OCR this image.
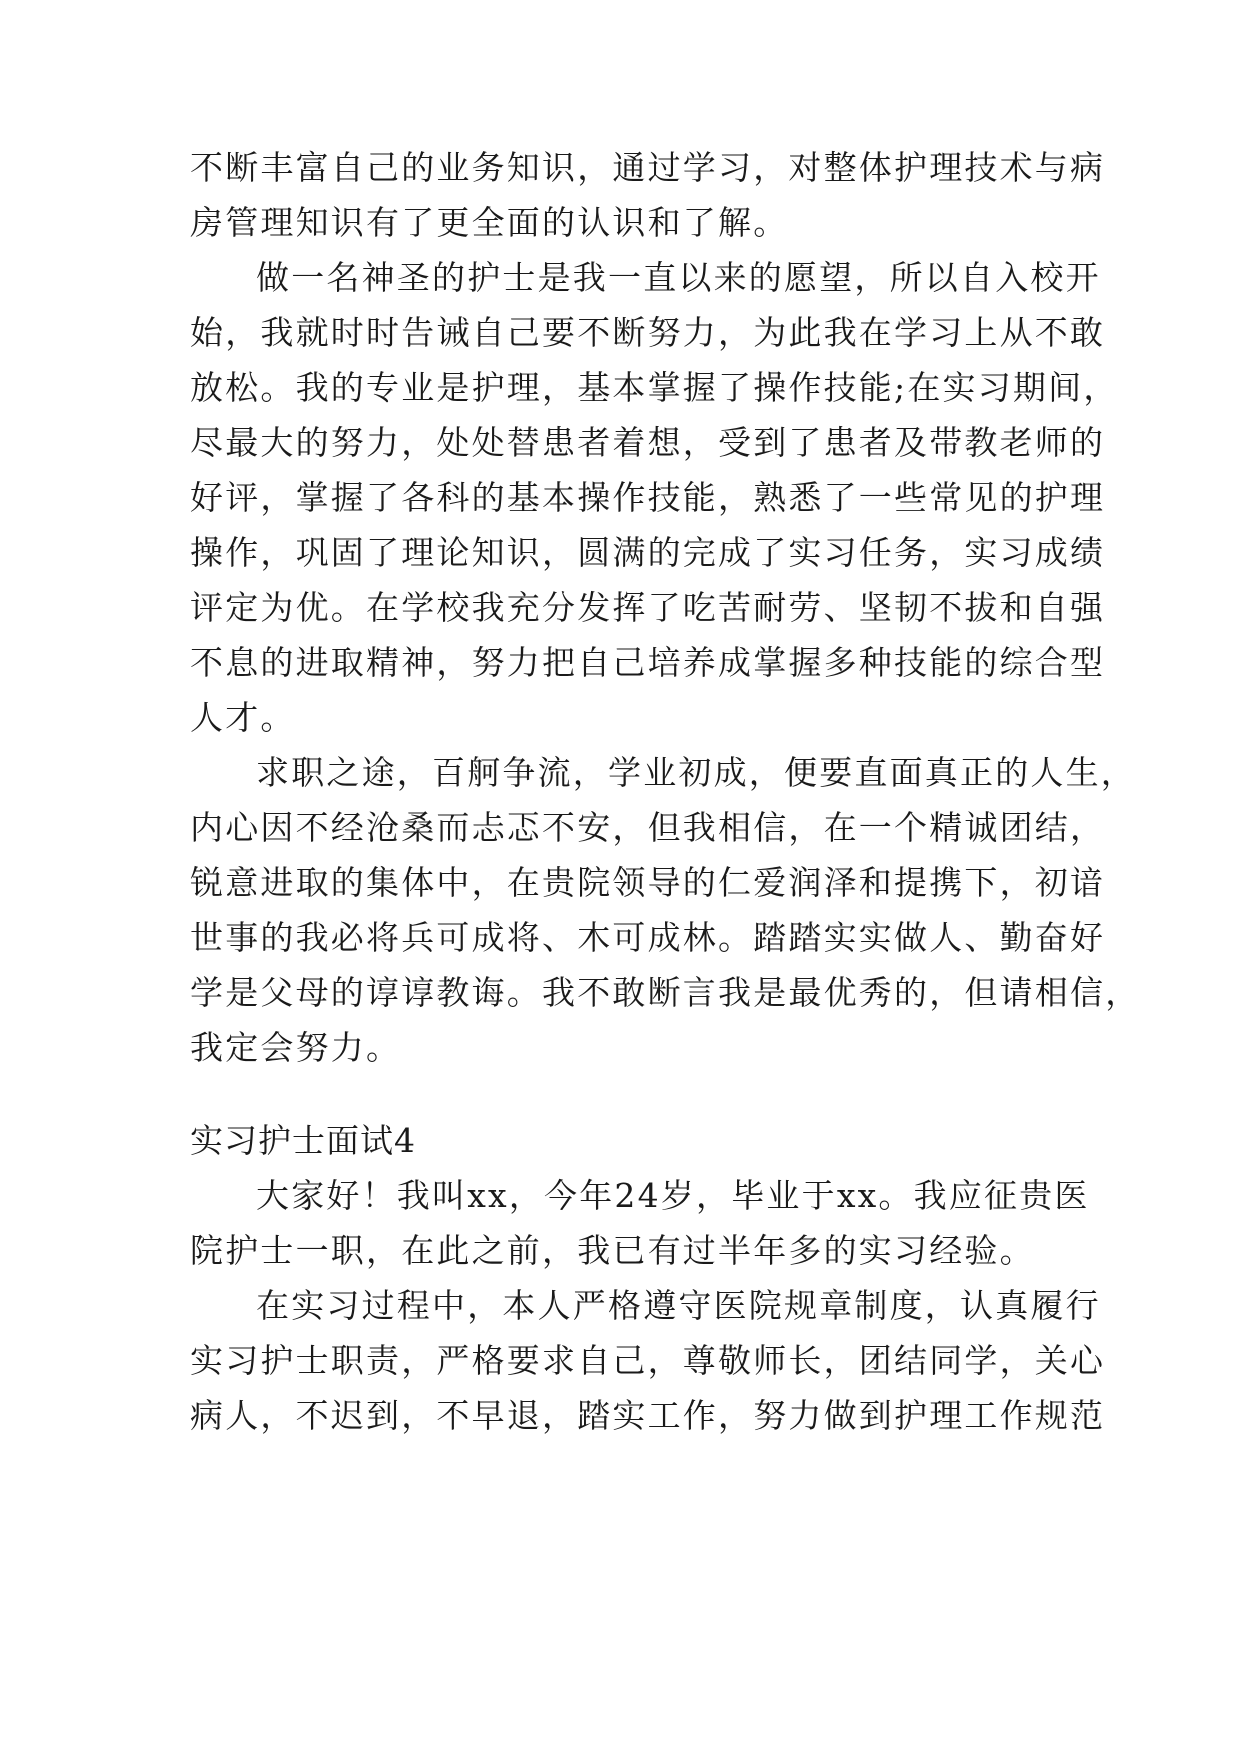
不断丰富自己的业务知识，通过学习，对整体护理技术与病
房管理知识有了更全面的认识和了解。
做一名神圣的护士是我一直以来的愿望，所以自入校开
始，我就时时告诫自己要不断努力，为此我在学习上从不敢
放松。我的专业是护理，基本掌握了操作技能;在实习期间，
尽最大的努力，处处替患者着想，受到了患者及带教老师的
好评，掌握了各科的基本操作技能，熟悉了一些常见的护理
操作，巩固了理论知识，圆满的完成了实习任务，实习成绩
评定为优。在学校我充分发挥了吃苦耐劳、坚韧不拔和自强
不息的进取精神，努力把自己培养成掌握多种技能的综合型
人才。
求职之途，百舸争流，学业初成，便要直面真正的人生，
内心因不经沧桑而忐忑不安，但我相信，在一个精诚团结，
锐意进取的集体中，在贵院领导的仁爱润泽和提携下，初谙
世事的我必将兵可成将、木可成林。踏踏实实做人、勤奋好
学是父母的谆谆教诲。我不敢断言我是最优秀的，但请相信，
我定会努力。
实习护士面试4
大家好！我叫xx，今年24岁，毕业于xx。我应征贵医
院护士一职，在此之前，我已有过半年多的实习经验。
在实习过程中，本人严格遵守医院规章制度，认真履行
实习护士职责，严格要求自己，尊敬师长，团结同学，关心
病人，不迟到，不早退，踏实工作，努力做到护理工作规范
